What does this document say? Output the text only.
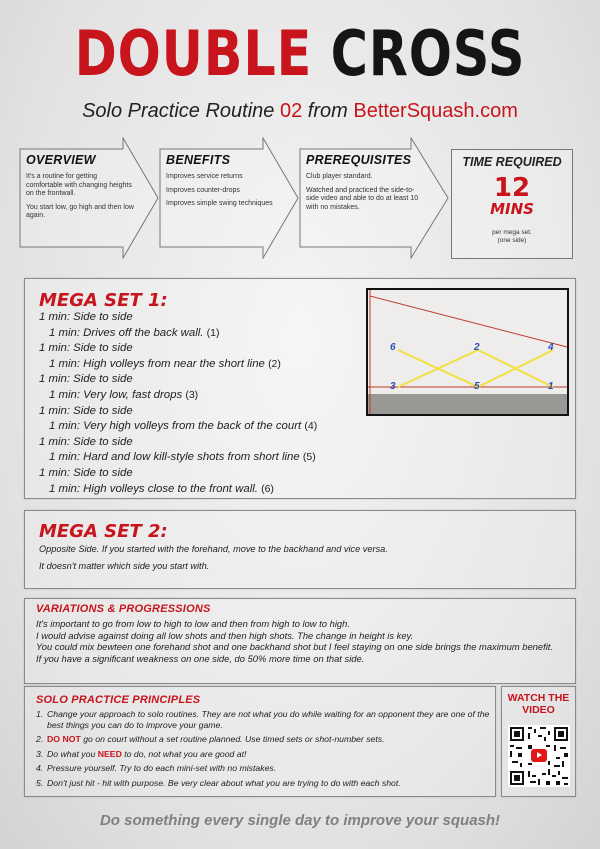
DOUBLE CROSS
Solo Practice Routine 02 from BetterSquash.com
OVERVIEW

It's a routine for getting comfortable with changing heights on the frontwall.

You start low, go high and then low again.

BENEFITS

Improves service returns

Improves counter-drops

Improves simple swing techniques

PREREQUISITES

Club player standard.

Watched and practiced the side-to-side video and able to do at least 10 with no mistakes.

TIME REQUIRED
12
MINS
per mega set.
(one side)
MEGA SET 1:
1 min: Side to side
1 min: Drives off the back wall. (1)
1 min: Side to side
1 min: High volleys from near the short line (2)
1 min: Side to side
1 min: Very low, fast drops (3)
1 min: Side to side
1 min: Very high volleys from the back of the court (4)
1 min: Side to side
1 min: Hard and low kill-style shots from short line (5)
1 min: Side to side
1 min: High volleys close to the front wall. (6)
6	2	4
3	5	1
MEGA SET 2:

Opposite Side. If you started with the forehand, move to the backhand and vice versa.

It doesn't matter which side you start with.

VARIATIONS & PROGRESSIONS

It's important to go from low to high to low and then from high to low to high.

I would advise against doing all low shots and then high shots. The change in height is key.

You could mix bewteen one forehand shot and one backhand shot but I feel staying on one side brings the maximum benefit.

If you have a significant weakness on one side, do 50% more time on that side.

SOLO PRACTICE PRINCIPLES
1. Change your approach to solo routines. They are not what you do while waiting for an opponent they are one of the best things you can do to improve your game.
2. DO NOT go on court without a set routine planned. Use timed sets or shot-number sets.
3. Do what you NEED to do, not what you are good at!
4. Pressure yourself. Try to do each mini-set with no mistakes.
5. Don't just hit - hit with purpose. Be very clear about what you are trying to do with each shot.
WATCH THE VIDEO
Do something every single day to improve your squash!
